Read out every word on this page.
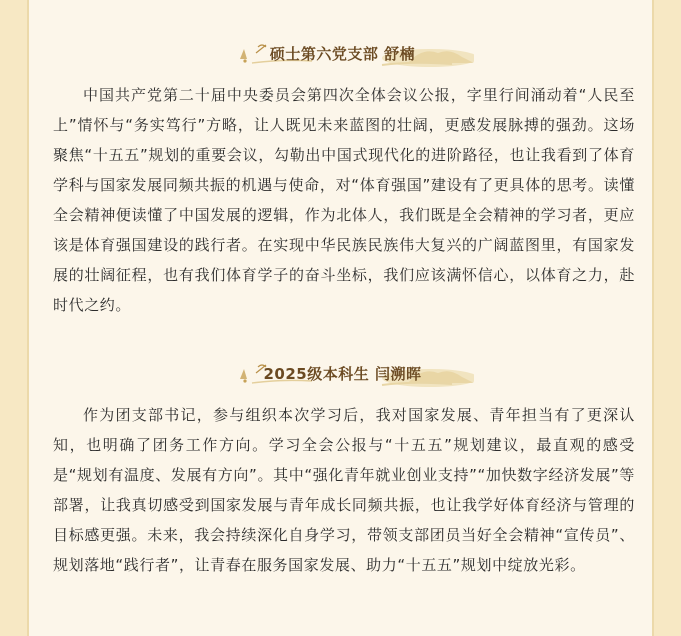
硕士第六党支部 舒楠

中国共产党第二十届中央委员会第四次全体会议公报，字里行间涌动着“人民至上”情怀与“务实笃行”方略，让人既见未来蓝图的壮阔，更感发展脉搏的强劲。这场聚焦“十五五”规划的重要会议，勾勒出中国式现代化的进阶路径，也让我看到了体育学科与国家发展同频共振的机遇与使命，对“体育强国”建设有了更具体的思考。读懂全会精神便读懂了中国发展的逻辑，作为北体人，我们既是全会精神的学习者，更应该是体育强国建设的践行者。在实现中华民族民族伟大复兴的广阔蓝图里，有国家发展的壮阔征程，也有我们体育学子的奋斗坐标，我们应该满怀信心，以体育之力，赴时代之约。

2025级本科生 闫溯晖

作为团支部书记，参与组织本次学习后，我对国家发展、青年担当有了更深认知，也明确了团务工作方向。学习全会公报与“十五五”规划建议，最直观的感受是“规划有温度、发展有方向”。其中“强化青年就业创业支持”“加快数字经济发展”等部署，让我真切感受到国家发展与青年成长同频共振，也让我学好体育经济与管理的目标感更强。未来，我会持续深化自身学习，带领支部团员当好全会精神“宣传员”、规划落地“践行者”，让青春在服务国家发展、助力“十五五”规划中绽放光彩。
